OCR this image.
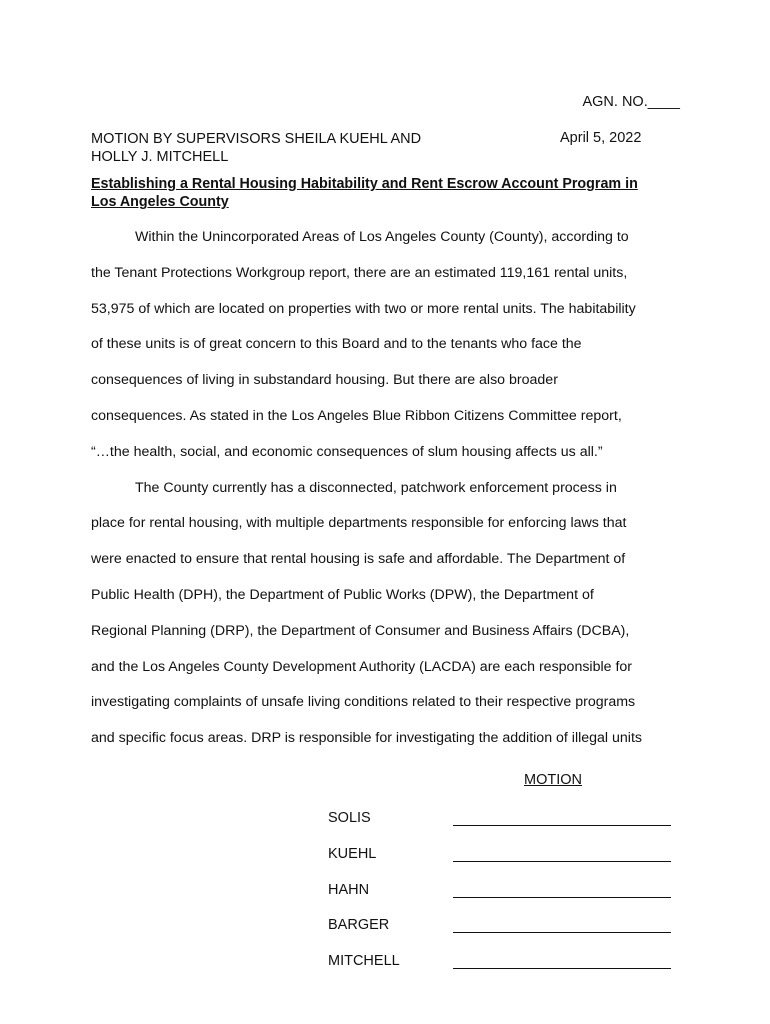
AGN. NO.____
MOTION BY SUPERVISORS SHEILA KUEHL AND
HOLLY J. MITCHELL
April 5, 2022
Establishing a Rental Housing Habitability and Rent Escrow Account Program in
Los Angeles County
Within the Unincorporated Areas of Los Angeles County (County), according to
the Tenant Protections Workgroup report, there are an estimated 119,161 rental units,
53,975 of which are located on properties with two or more rental units. The habitability
of these units is of great concern to this Board and to the tenants who face the
consequences of living in substandard housing. But there are also broader
consequences. As stated in the Los Angeles Blue Ribbon Citizens Committee report,
“…the health, social, and economic consequences of slum housing affects us all.”
The County currently has a disconnected, patchwork enforcement process in
place for rental housing, with multiple departments responsible for enforcing laws that
were enacted to ensure that rental housing is safe and affordable. The Department of
Public Health (DPH), the Department of Public Works (DPW), the Department of
Regional Planning (DRP), the Department of Consumer and Business Affairs (DCBA),
and the Los Angeles County Development Authority (LACDA) are each responsible for
investigating complaints of unsafe living conditions related to their respective programs
and specific focus areas. DRP is responsible for investigating the addition of illegal units
MOTION
SOLIS
KUEHL
HAHN
BARGER
MITCHELL
